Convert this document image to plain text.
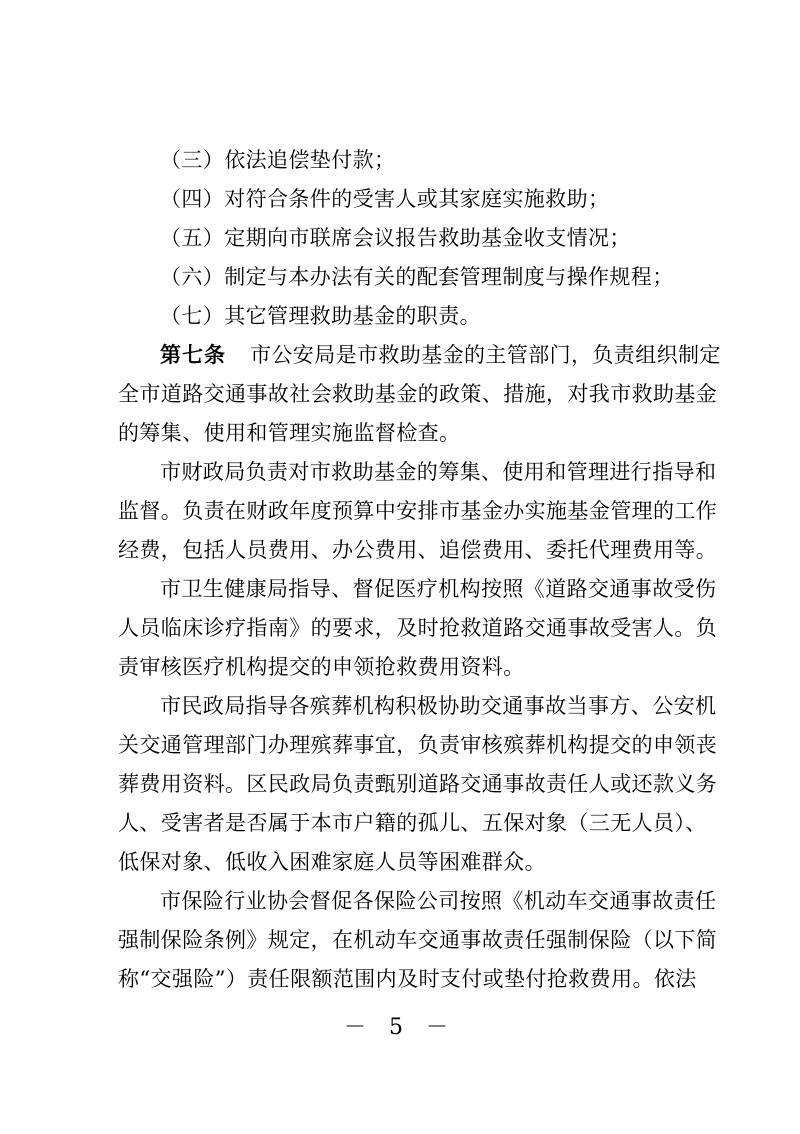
（三）依法追偿垫付款；
（四）对符合条件的受害人或其家庭实施救助；
（五）定期向市联席会议报告救助基金收支情况；
（六）制定与本办法有关的配套管理制度与操作规程；
（七）其它管理救助基金的职责。
第七条 市公安局是市救助基金的主管部门，负责组织制定
全市道路交通事故社会救助基金的政策、措施，对我市救助基金
的筹集、使用和管理实施监督检查。
市财政局负责对市救助基金的筹集、使用和管理进行指导和
监督。负责在财政年度预算中安排市基金办实施基金管理的工作
经费，包括人员费用、办公费用、追偿费用、委托代理费用等。
市卫生健康局指导、督促医疗机构按照《道路交通事故受伤
人员临床诊疗指南》的要求，及时抢救道路交通事故受害人。负
责审核医疗机构提交的申领抢救费用资料。
市民政局指导各殡葬机构积极协助交通事故当事方、公安机
关交通管理部门办理殡葬事宜，负责审核殡葬机构提交的申领丧
葬费用资料。区民政局负责甄别道路交通事故责任人或还款义务
人、受害者是否属于本市户籍的孤儿、五保对象（三无人员）、
低保对象、低收入困难家庭人员等困难群众。
市保险行业协会督促各保险公司按照《机动车交通事故责任
强制保险条例》规定，在机动车交通事故责任强制保险（以下简
称“交强险”）责任限额范围内及时支付或垫付抢救费用。依法
－ 5 －
